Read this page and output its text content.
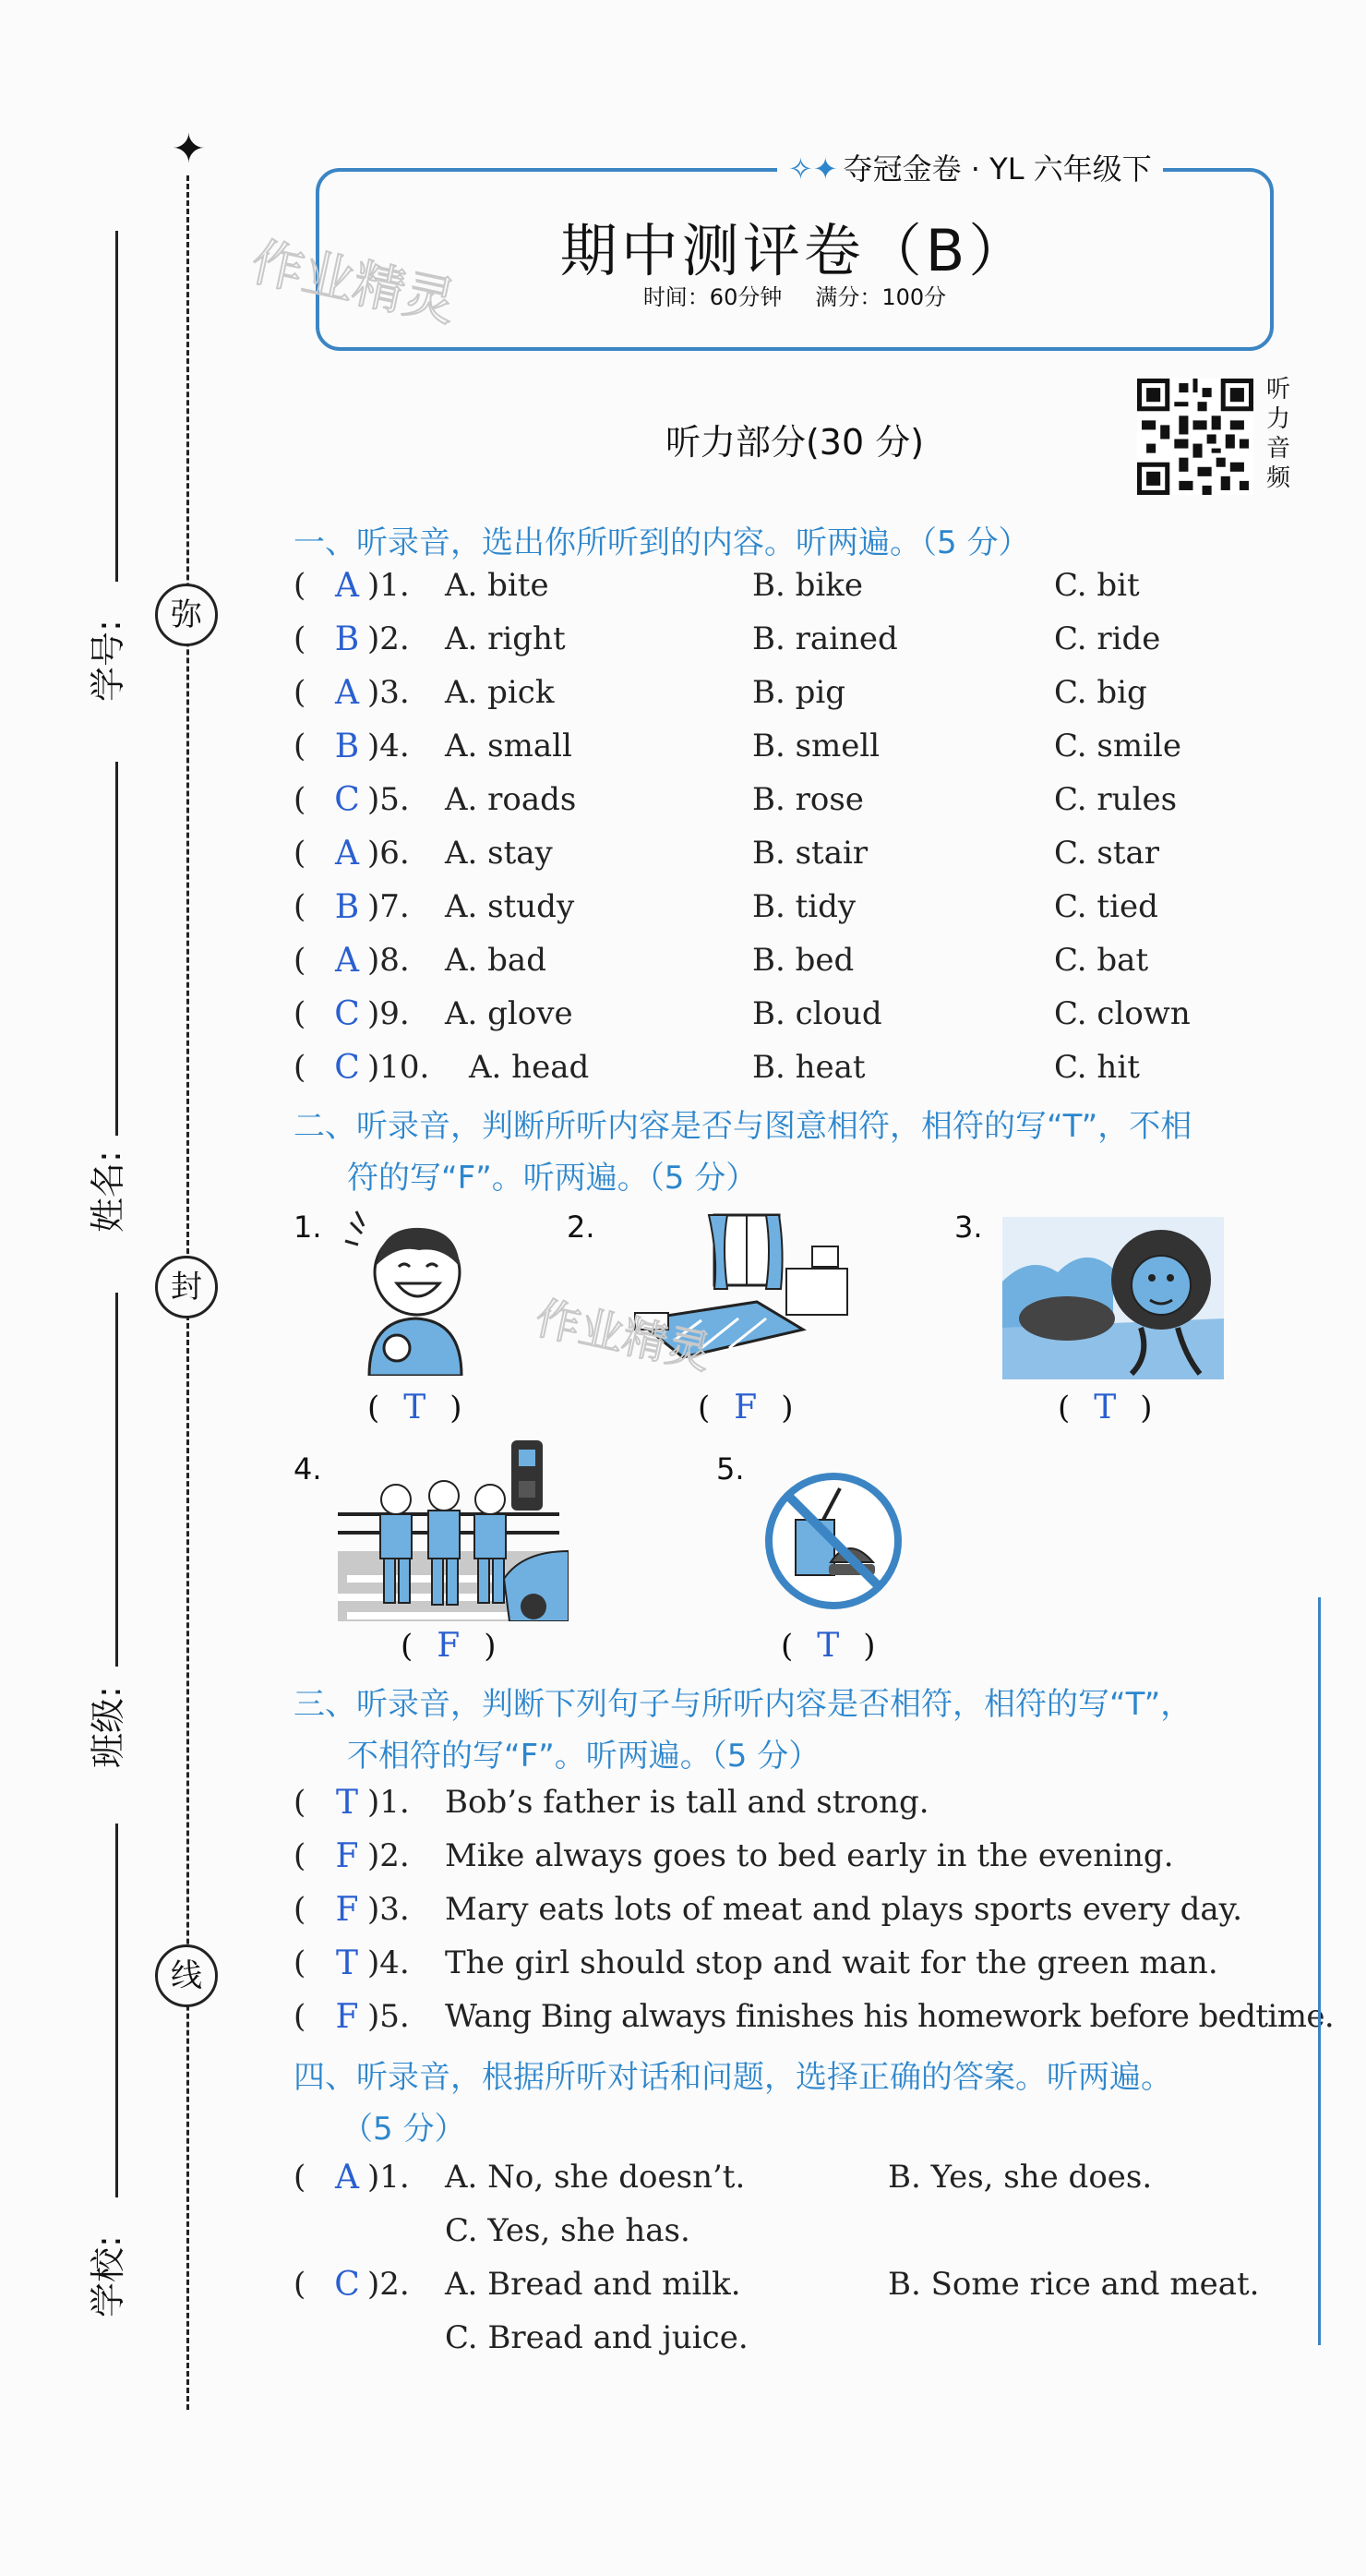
✦
学号:
姓名:
班级:
学校:
弥
封
线
✧✦ 夺冠金卷 · YL 六年级下
期中测评卷（B）
时间：60分钟 满分：100分
作业精灵
听力部分(30 分)
听力音频
一、听录音，选出你所听到的内容。听两遍。（5 分）
( A )1. A. bite	B. bike	C. bit
( B )2. A. right	B. rained	C. ride
( A )3. A. pick	B. pig	C. big
( B )4. A. small	B. smell	C. smile
( C )5. A. roads	B. rose	C. rules
( A )6. A. stay	B. stair	C. star
( B )7. A. study	B. tidy	C. tied
( A )8. A. bad	B. bed	C. bat
( C )9. A. glove	B. cloud	C. clown
( C )10. A. head	B. heat	C. hit
二、听录音，判断所听内容是否与图意相符，相符的写“T”，不相
符的写“F”。听两遍。（5 分）
1.
( T )
2.
( F )
3.
( T )
4.
( F )
5.
( T )
作业精灵
三、听录音，判断下列句子与所听内容是否相符，相符的写“T”，
不相符的写“F”。听两遍。（5 分）
( T )1. Bob’s father is tall and strong.
( F )2. Mike always goes to bed early in the evening.
( F )3. Mary eats lots of meat and plays sports every day.
( T )4. The girl should stop and wait for the green man.
( F )5. Wang Bing always finishes his homework before bedtime.
四、听录音，根据所听对话和问题，选择正确的答案。听两遍。
（5 分）
( A )1. A. No, she doesn’t.	B. Yes, she does.
C. Yes, she has.
( C )2. A. Bread and milk.	B. Some rice and meat.
C. Bread and juice.
